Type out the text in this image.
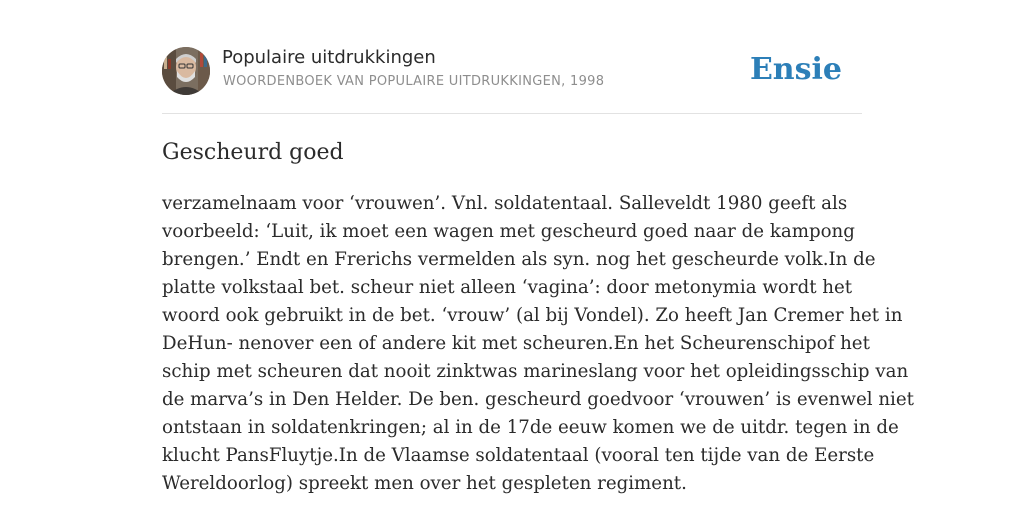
Populaire uitdrukkingen
WOORDENBOEK VAN POPULAIRE UITDRUKKINGEN, 1998	Ensie
Gescheurd goed
verzamelnaam voor ‘vrouwen’. Vnl. soldatentaal. Salleveldt 1980 geeft als
voorbeeld: ‘Luit, ik moet een wagen met gescheurd goed naar de kampong
brengen.’ Endt en Frerichs vermelden als syn. nog het gescheurde volk.In de
platte volkstaal bet. scheur niet alleen ‘vagina’: door metonymia wordt het
woord ook gebruikt in de bet. ‘vrouw’ (al bij Vondel). Zo heeft Jan Cremer het in
DeHun- nenover een of andere kit met scheuren.En het Scheurenschipof het
schip met scheuren dat nooit zinktwas marineslang voor het opleidingsschip van
de marva’s in Den Helder. De ben. gescheurd goedvoor ‘vrouwen’ is evenwel niet
ontstaan in soldatenkringen; al in de 17de eeuw komen we de uitdr. tegen in de
klucht PansFluytje.In de Vlaamse soldatentaal (vooral ten tijde van de Eerste
Wereldoorlog) spreekt men over het gespleten regiment.
